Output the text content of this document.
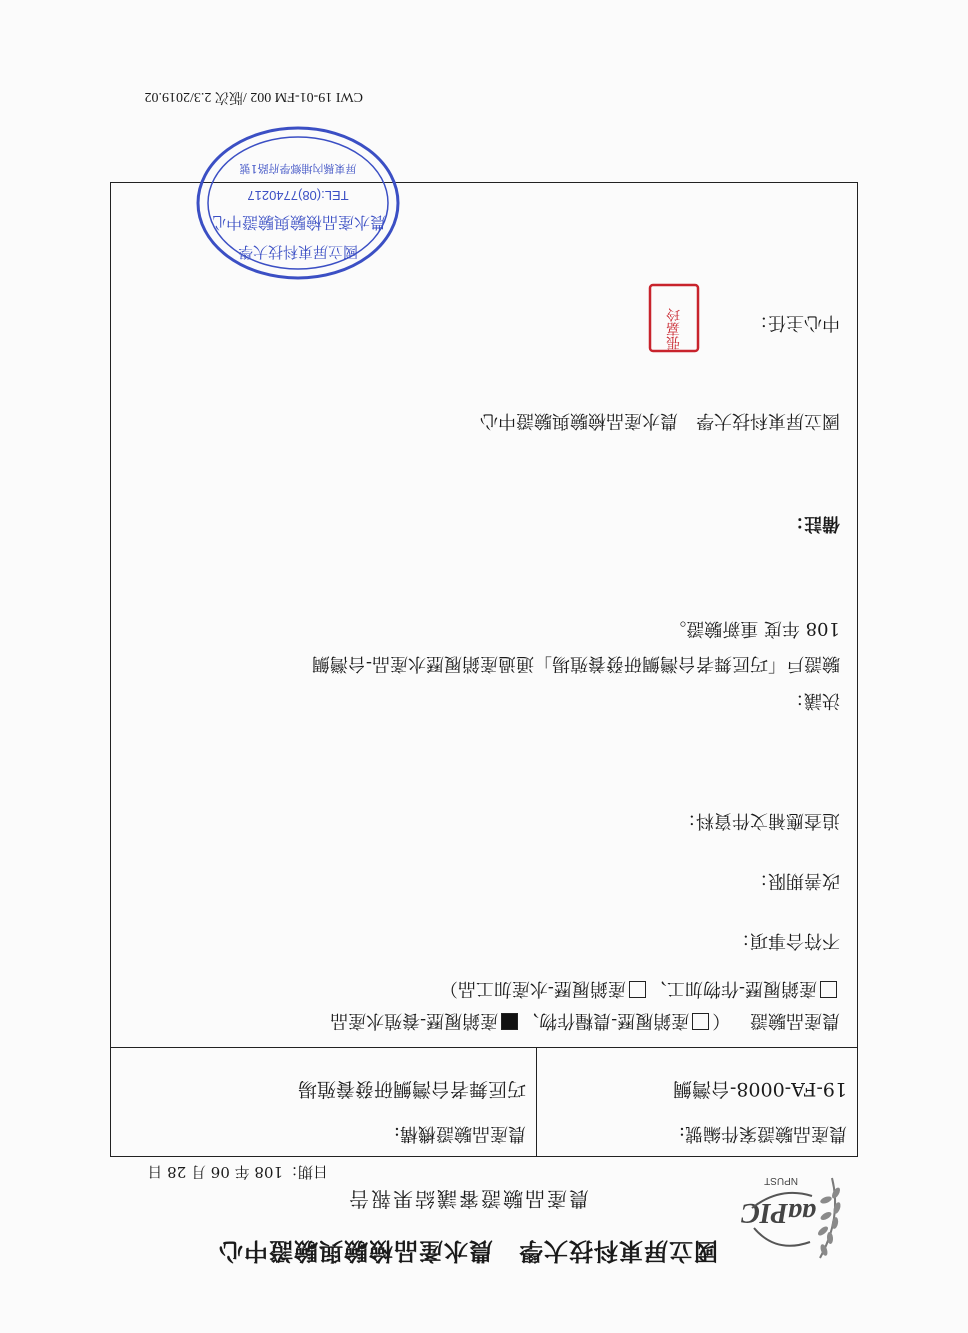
aaPIC
NPUST
國立屏東科技大學　農水產品檢驗與驗證中心
農產品驗證審議結果報告
日期：108 年 06 月 28 日
農產品驗證案件編號:
19-FA-0008-台灣鯛

農產品驗證機構:
巧匠舞者台灣鯛研發養殖場
農產品驗證 （產銷履歷-農糧作物、產銷履歷-養殖水產品
產銷履歷-作物加工、產銷履歷-水產加工品）
不符合事項：
改善期限：
追查應補文件資料：
決議：
驗證戶「巧匠舞者台灣鯛研發養殖場」通過產銷履歷水產品-台灣鯛
108 年度 重新驗證。
備註：
國立屏東科技大學　農水產品檢驗與驗證中心
中心主任：
張嘉玲
國立屏東科技大學
農水產品檢驗與驗證中心
TEL:(08)7740217
屏東縣內埔鄉學府路1號
CWI 19-01-FM 002 /版次 2.3/2019.02
